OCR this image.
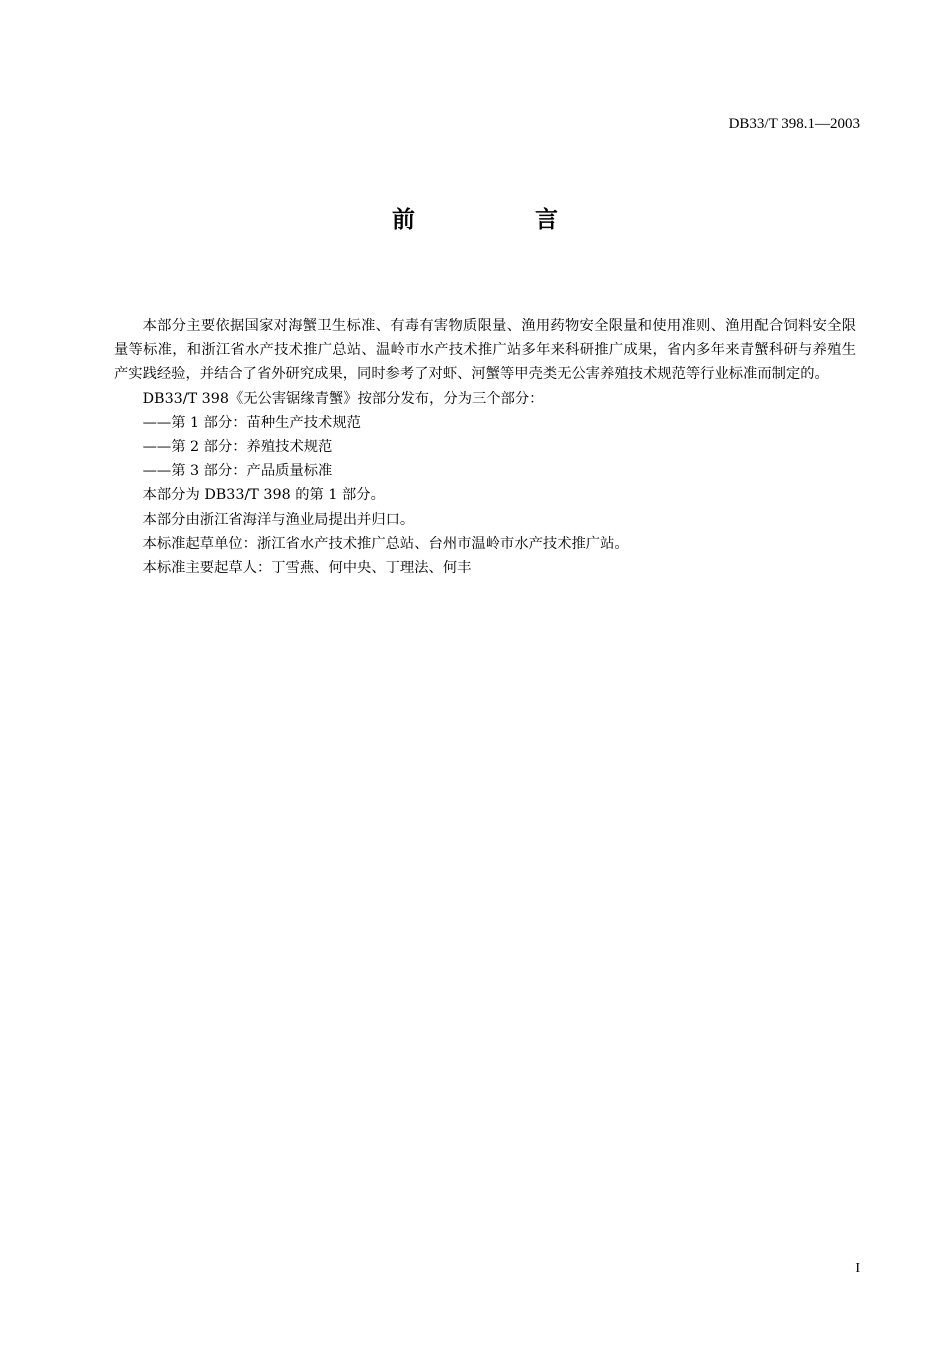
DB33/T 398.1—2003
前 言

本部分主要依据国家对海蟹卫生标准、有毒有害物质限量、渔用药物安全限量和使用准则、渔用配合饲料安全限量等标准，和浙江省水产技术推广总站、温岭市水产技术推广站多年来科研推广成果，省内多年来青蟹科研与养殖生产实践经验，并结合了省外研究成果，同时参考了对虾、河蟹等甲壳类无公害养殖技术规范等行业标准而制定的。

DB33/T 398《无公害锯缘青蟹》按部分发布，分为三个部分：

——第 1 部分：苗种生产技术规范

——第 2 部分：养殖技术规范

——第 3 部分：产品质量标准

本部分为 DB33/T 398 的第 1 部分。

本部分由浙江省海洋与渔业局提出并归口。

本标准起草单位：浙江省水产技术推广总站、台州市温岭市水产技术推广站。

本标准主要起草人：丁雪燕、何中央、丁理法、何丰

I
